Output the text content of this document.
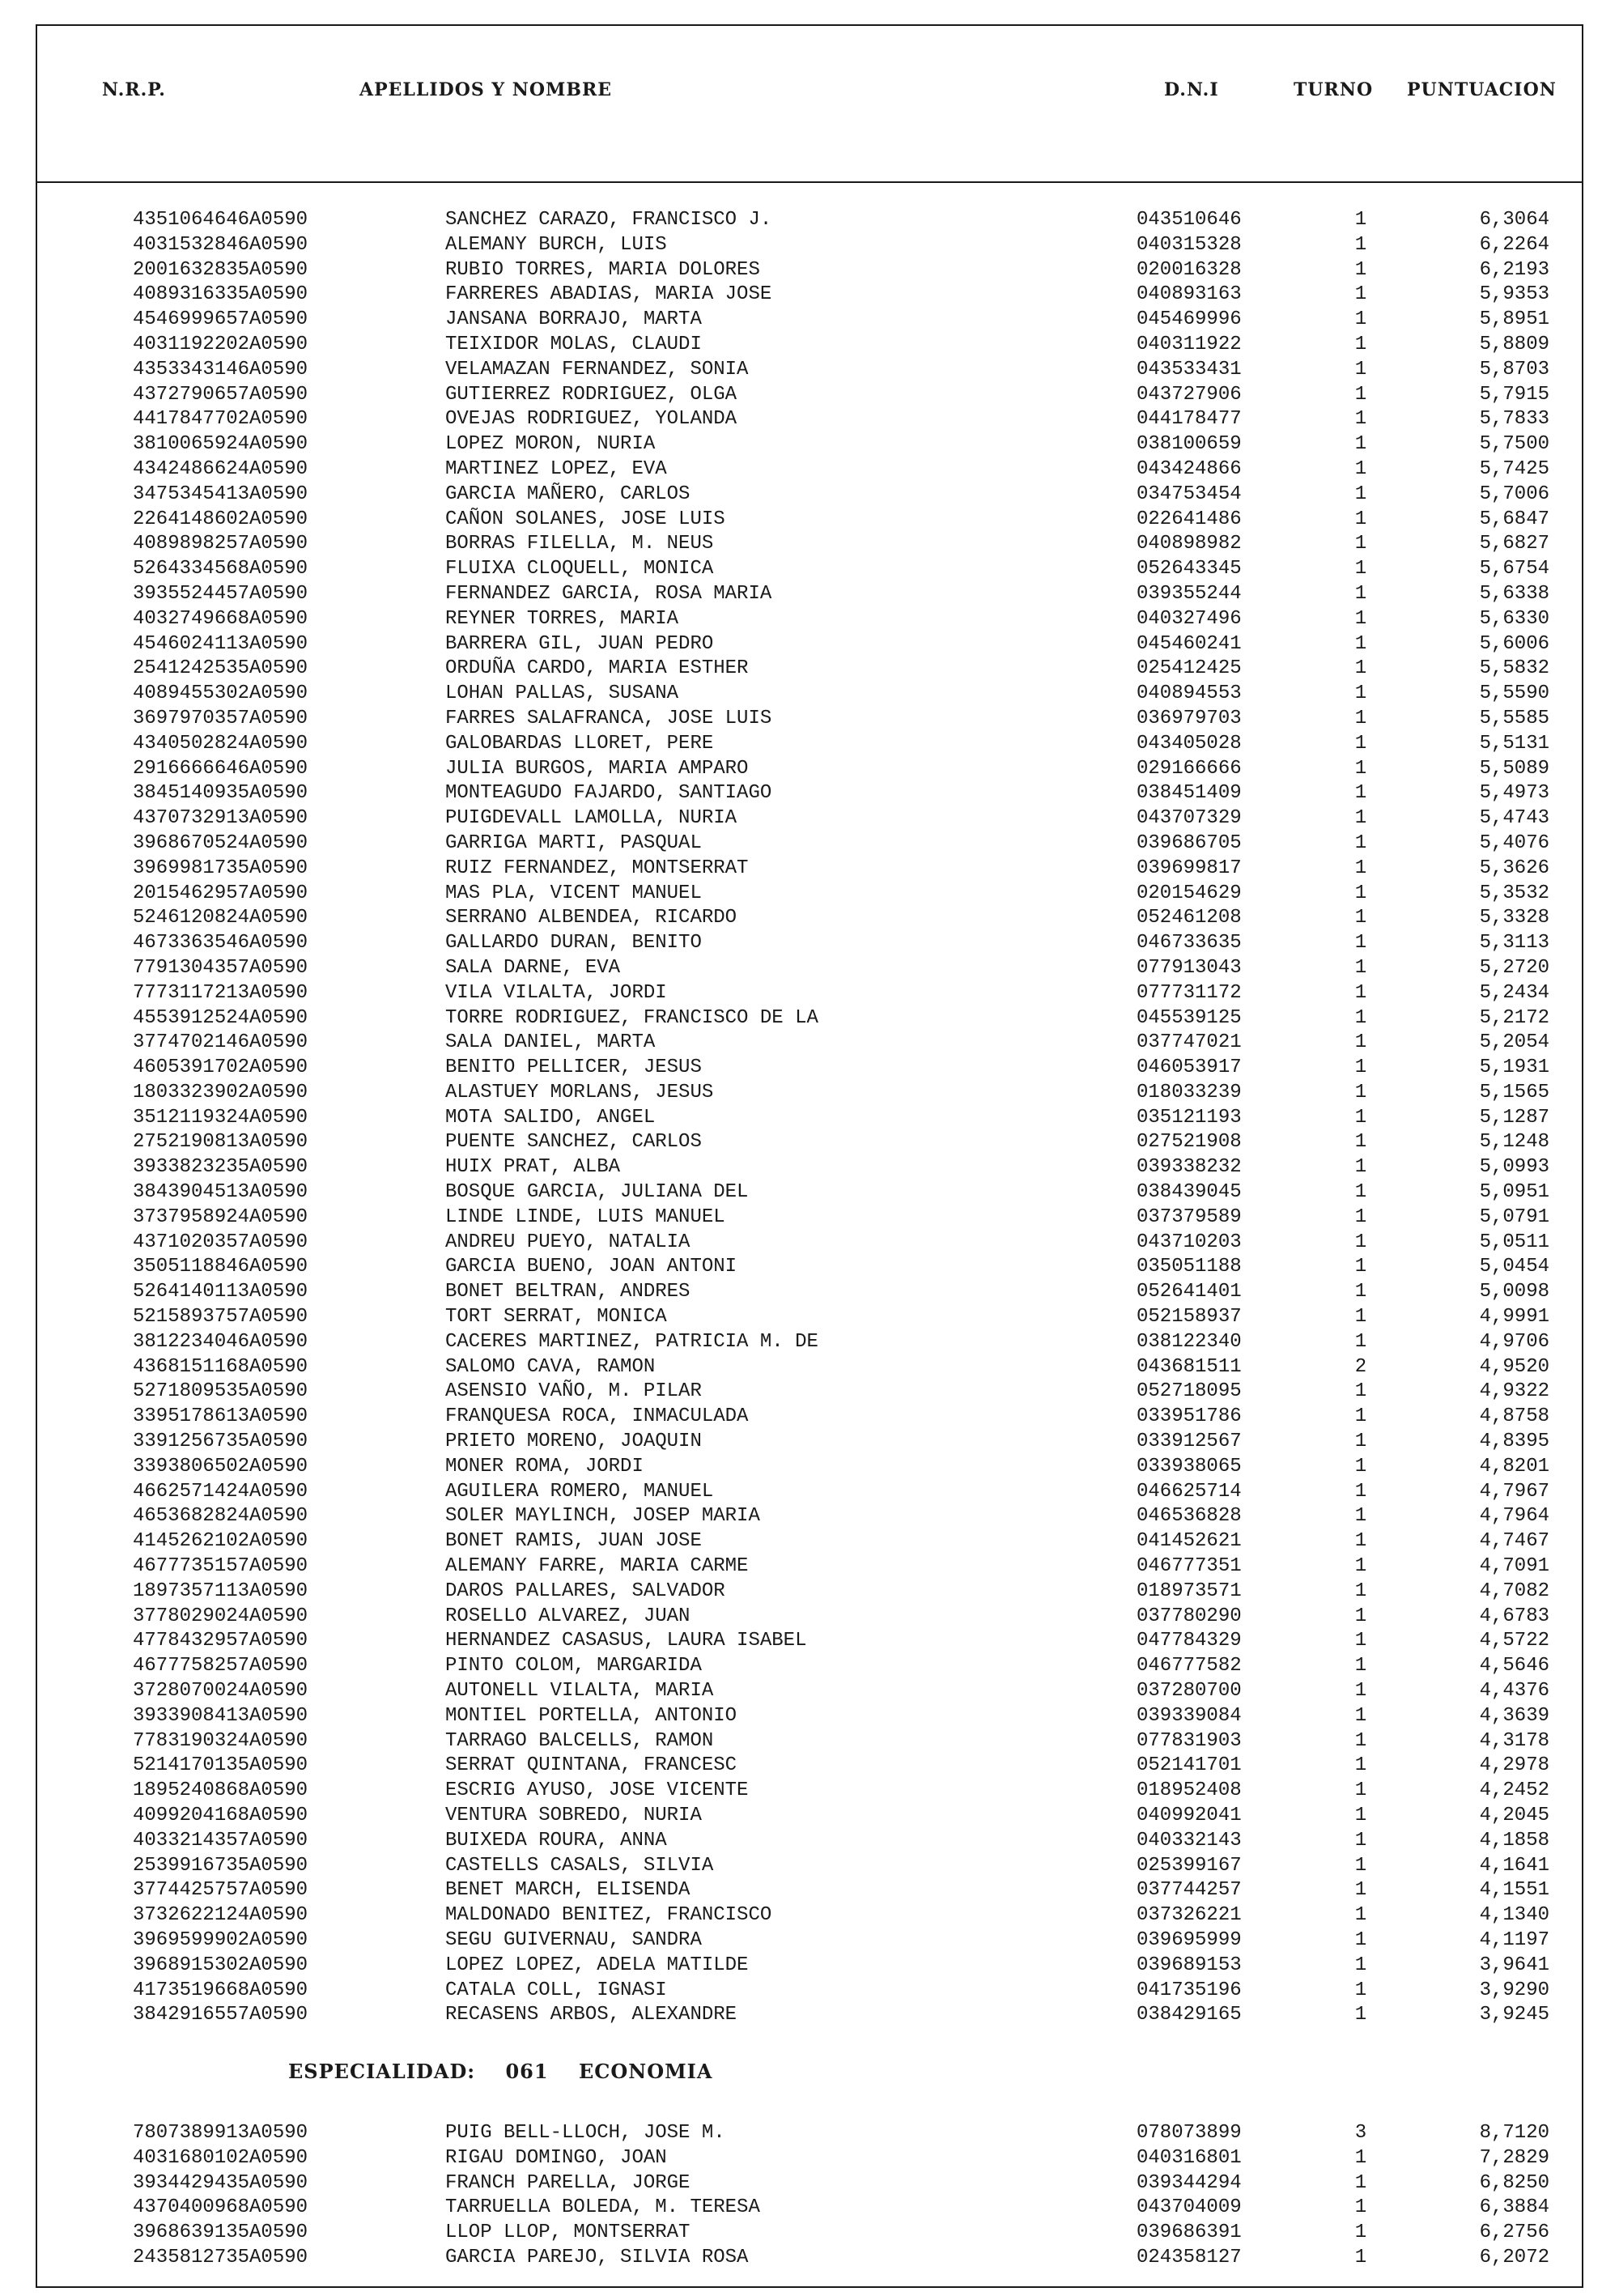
N.R.P.	APELLIDOS Y NOMBRE	D.N.I	TURNO PUNTUACION
4351064646A0590	SANCHEZ CARAZO, FRANCISCO J.	043510646	1	6,3064
4031532846A0590	ALEMANY BURCH, LUIS	040315328	1	6,2264
2001632835A0590	RUBIO TORRES, MARIA DOLORES	020016328	1	6,2193
4089316335A0590	FARRERES ABADIAS, MARIA JOSE	040893163	1	5,9353
4546999657A0590	JANSANA BORRAJO, MARTA	045469996	1	5,8951
4031192202A0590	TEIXIDOR MOLAS, CLAUDI	040311922	1	5,8809
4353343146A0590	VELAMAZAN FERNANDEZ, SONIA	043533431	1	5,8703
4372790657A0590	GUTIERREZ RODRIGUEZ, OLGA	043727906	1	5,7915
4417847702A0590	OVEJAS RODRIGUEZ, YOLANDA	044178477	1	5,7833
3810065924A0590	LOPEZ MORON, NURIA	038100659	1	5,7500
4342486624A0590	MARTINEZ LOPEZ, EVA	043424866	1	5,7425
3475345413A0590	GARCIA MAÑERO, CARLOS	034753454	1	5,7006
2264148602A0590	CAÑON SOLANES, JOSE LUIS	022641486	1	5,6847
4089898257A0590	BORRAS FILELLA, M. NEUS	040898982	1	5,6827
5264334568A0590	FLUIXA CLOQUELL, MONICA	052643345	1	5,6754
3935524457A0590	FERNANDEZ GARCIA, ROSA MARIA	039355244	1	5,6338
4032749668A0590	REYNER TORRES, MARIA	040327496	1	5,6330
4546024113A0590	BARRERA GIL, JUAN PEDRO	045460241	1	5,6006
2541242535A0590	ORDUÑA CARDO, MARIA ESTHER	025412425	1	5,5832
4089455302A0590	LOHAN PALLAS, SUSANA	040894553	1	5,5590
3697970357A0590	FARRES SALAFRANCA, JOSE LUIS	036979703	1	5,5585
4340502824A0590	GALOBARDAS LLORET, PERE	043405028	1	5,5131
2916666646A0590	JULIA BURGOS, MARIA AMPARO	029166666	1	5,5089
3845140935A0590	MONTEAGUDO FAJARDO, SANTIAGO	038451409	1	5,4973
4370732913A0590	PUIGDEVALL LAMOLLA, NURIA	043707329	1	5,4743
3968670524A0590	GARRIGA MARTI, PASQUAL	039686705	1	5,4076
3969981735A0590	RUIZ FERNANDEZ, MONTSERRAT	039699817	1	5,3626
2015462957A0590	MAS PLA, VICENT MANUEL	020154629	1	5,3532
5246120824A0590	SERRANO ALBENDEA, RICARDO	052461208	1	5,3328
4673363546A0590	GALLARDO DURAN, BENITO	046733635	1	5,3113
7791304357A0590	SALA DARNE, EVA	077913043	1	5,2720
7773117213A0590	VILA VILALTA, JORDI	077731172	1	5,2434
4553912524A0590	TORRE RODRIGUEZ, FRANCISCO DE LA	045539125	1	5,2172
3774702146A0590	SALA DANIEL, MARTA	037747021	1	5,2054
4605391702A0590	BENITO PELLICER, JESUS	046053917	1	5,1931
1803323902A0590	ALASTUEY MORLANS, JESUS	018033239	1	5,1565
3512119324A0590	MOTA SALIDO, ANGEL	035121193	1	5,1287
2752190813A0590	PUENTE SANCHEZ, CARLOS	027521908	1	5,1248
3933823235A0590	HUIX PRAT, ALBA	039338232	1	5,0993
3843904513A0590	BOSQUE GARCIA, JULIANA DEL	038439045	1	5,0951
3737958924A0590	LINDE LINDE, LUIS MANUEL	037379589	1	5,0791
4371020357A0590	ANDREU PUEYO, NATALIA	043710203	1	5,0511
3505118846A0590	GARCIA BUENO, JOAN ANTONI	035051188	1	5,0454
5264140113A0590	BONET BELTRAN, ANDRES	052641401	1	5,0098
5215893757A0590	TORT SERRAT, MONICA	052158937	1	4,9991
3812234046A0590	CACERES MARTINEZ, PATRICIA M. DE	038122340	1	4,9706
4368151168A0590	SALOMO CAVA, RAMON	043681511	2	4,9520
5271809535A0590	ASENSIO VAÑO, M. PILAR	052718095	1	4,9322
3395178613A0590	FRANQUESA ROCA, INMACULADA	033951786	1	4,8758
3391256735A0590	PRIETO MORENO, JOAQUIN	033912567	1	4,8395
3393806502A0590	MONER ROMA, JORDI	033938065	1	4,8201
4662571424A0590	AGUILERA ROMERO, MANUEL	046625714	1	4,7967
4653682824A0590	SOLER MAYLINCH, JOSEP MARIA	046536828	1	4,7964
4145262102A0590	BONET RAMIS, JUAN JOSE	041452621	1	4,7467
4677735157A0590	ALEMANY FARRE, MARIA CARME	046777351	1	4,7091
1897357113A0590	DAROS PALLARES, SALVADOR	018973571	1	4,7082
3778029024A0590	ROSELLO ALVAREZ, JUAN	037780290	1	4,6783
4778432957A0590	HERNANDEZ CASASUS, LAURA ISABEL	047784329	1	4,5722
4677758257A0590	PINTO COLOM, MARGARIDA	046777582	1	4,5646
3728070024A0590	AUTONELL VILALTA, MARIA	037280700	1	4,4376
3933908413A0590	MONTIEL PORTELLA, ANTONIO	039339084	1	4,3639
7783190324A0590	TARRAGO BALCELLS, RAMON	077831903	1	4,3178
5214170135A0590	SERRAT QUINTANA, FRANCESC	052141701	1	4,2978
1895240868A0590	ESCRIG AYUSO, JOSE VICENTE	018952408	1	4,2452
4099204168A0590	VENTURA SOBREDO, NURIA	040992041	1	4,2045
4033214357A0590	BUIXEDA ROURA, ANNA	040332143	1	4,1858
2539916735A0590	CASTELLS CASALS, SILVIA	025399167	1	4,1641
3774425757A0590	BENET MARCH, ELISENDA	037744257	1	4,1551
3732622124A0590	MALDONADO BENITEZ, FRANCISCO	037326221	1	4,1340
3969599902A0590	SEGU GUIVERNAU, SANDRA	039695999	1	4,1197
3968915302A0590	LOPEZ LOPEZ, ADELA MATILDE	039689153	1	3,9641
4173519668A0590	CATALA COLL, IGNASI	041735196	1	3,9290
3842916557A0590	RECASENS ARBOS, ALEXANDRE	038429165	1	3,9245
ESPECIALIDAD: 061 ECONOMIA
7807389913A0590	PUIG BELL-LLOCH, JOSE M.	078073899	3	8,7120
4031680102A0590	RIGAU DOMINGO, JOAN	040316801	1	7,2829
3934429435A0590	FRANCH PARELLA, JORGE	039344294	1	6,8250
4370400968A0590	TARRUELLA BOLEDA, M. TERESA	043704009	1	6,3884
3968639135A0590	LLOP LLOP, MONTSERRAT	039686391	1	6,2756
2435812735A0590	GARCIA PAREJO, SILVIA ROSA	024358127	1	6,2072
